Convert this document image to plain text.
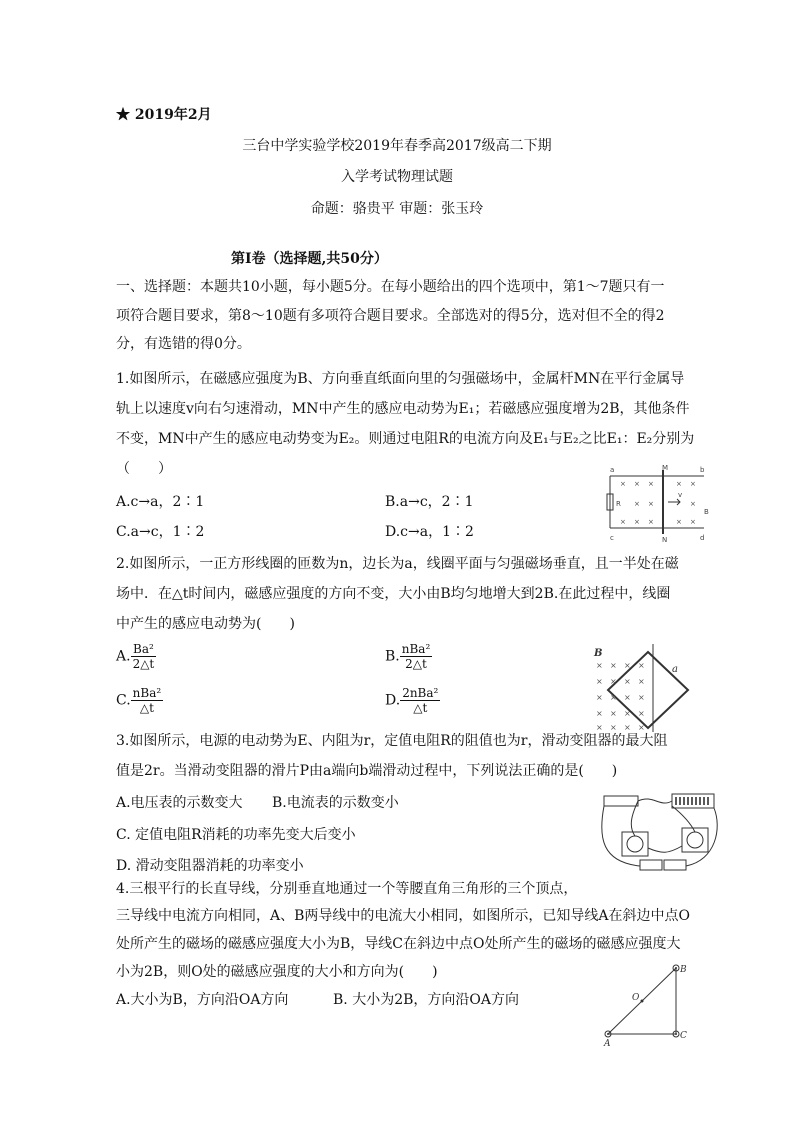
★ 2019年2月
三台中学实验学校2019年春季高2017级高二下期
入学考试物理试题
命题：骆贵平 审题：张玉玲
第Ⅰ卷（选择题,共50分）
一、选择题：本题共10小题，每小题5分。在每小题给出的四个选项中，第1～7题只有一
项符合题目要求，第8～10题有多项符合题目要求。全部选对的得5分，选对但不全的得2
分，有选错的得0分。
1.如图所示，在磁感应强度为B、方向垂直纸面向里的匀强磁场中，金属杆MN在平行金属导
轨上以速度v向右匀速滑动，MN中产生的感应电动势为E₁；若磁感应强度增为2B，其他条件
不变，MN中产生的感应电动势变为E₂。则通过电阻R的电流方向及E₁与E₂之比E₁：E₂分别为
（　　）
A.c→a，2∶1	B.a→c，2∶1
C.a→c，1∶2	D.c→a，1∶2
× × ×	× ×
× ×	×
× × ×	× ×
a	b
c	d
M
N
R
v
B
2.如图所示，一正方形线圈的匝数为n，边长为a，线圈平面与匀强磁场垂直，且一半处在磁
场中．在△t时间内，磁感应强度的方向不变，大小由B均匀地增大到2B.在此过程中，线圈
中产生的感应电动势为(　　)
A. $\frac{\text{Ba²}}{2\triangle t}$	B. $\frac{\text{nBa²}}{2\triangle t}$
C. $\frac{\text{nBa²}}{\triangle t}$	D. $\frac{\text{2nBa²}}{\triangle t}$
× × × ×
× × × ×
× × × ×
× × × ×
× × × ×
B
a
3.如图所示，电源的电动势为E、内阻为r，定值电阻R的阻值也为r，滑动变阻器的最大阻
值是2r。当滑动变阻器的滑片P由a端向b端滑动过程中，下列说法正确的是(　　)
A.电压表的示数变大 B.电流表的示数变小
C. 定值电阻R消耗的功率先变大后变小
D. 滑动变阻器消耗的功率变小
4.三根平行的长直导线，分别垂直地通过一个等腰直角三角形的三个顶点，
三导线中电流方向相同，A、B两导线中的电流大小相同，如图所示，已知导线A在斜边中点O
处所产生的磁场的磁感应强度大小为B，导线C在斜边中点O处所产生的磁场的磁感应强度大
小为2B，则O处的磁感应强度的大小和方向为(　　)
A.大小为B，方向沿OA方向	B. 大小为2B，方向沿OA方向
A
C
B
O
